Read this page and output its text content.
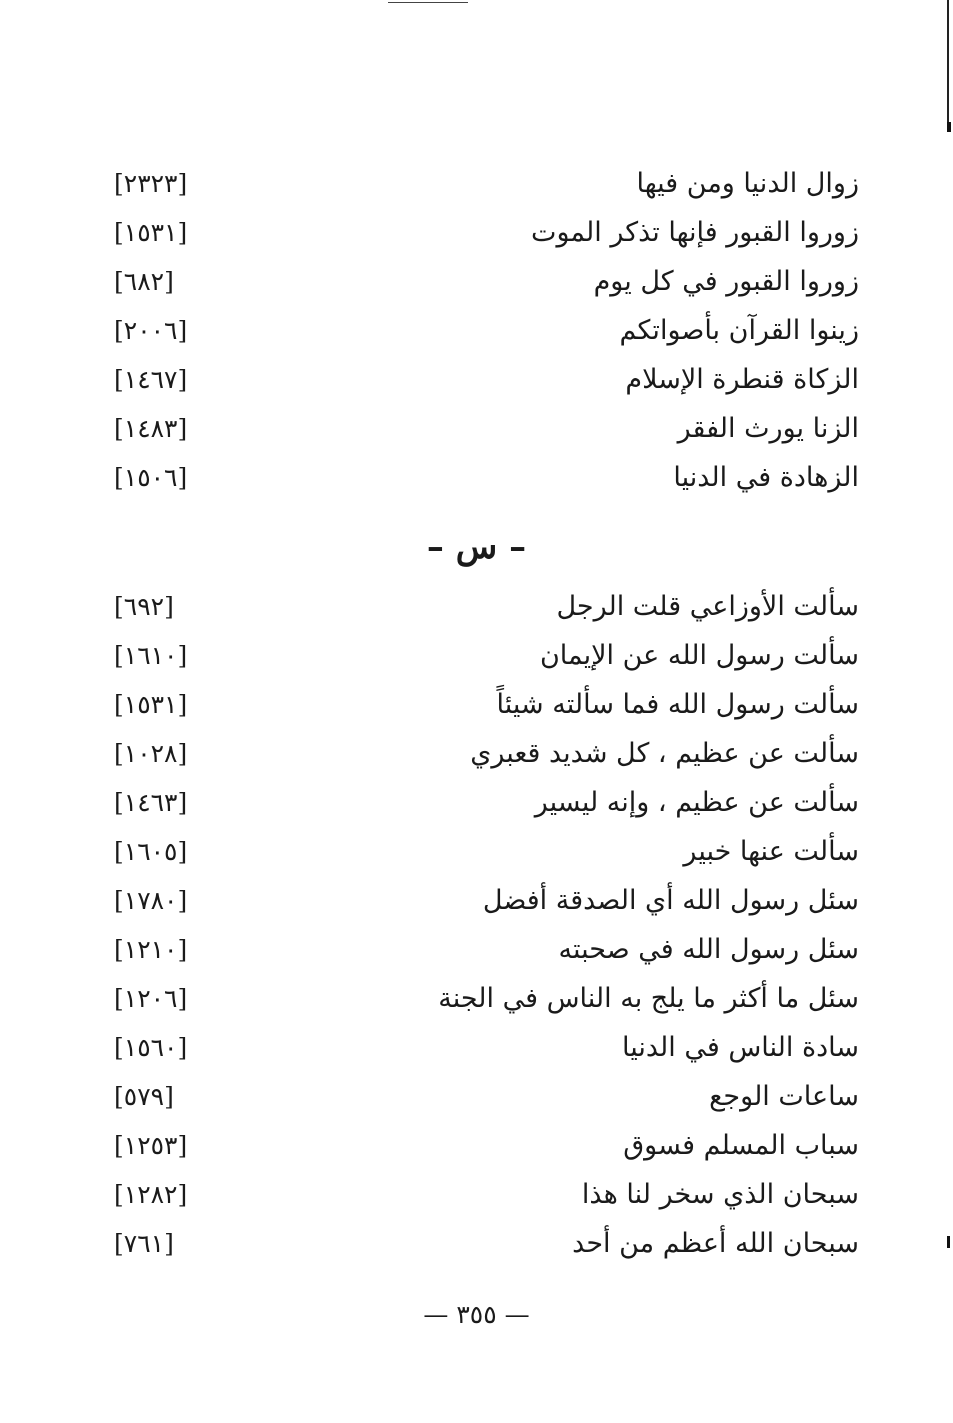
زوال الدنيا ومن فيها
[٢٣٢٣]
زوروا القبور فإنها تذكر الموت
[١٥٣١]
زوروا القبور في كل يوم
[٦٨٢]
زينوا القرآن بأصواتكم
[٢٠٠٦]
الزكاة قنطرة الإسلام
[١٤٦٧]
الزنا يورث الفقر
[١٤٨٣]
الزهادة في الدنيا
[١٥٠٦]
– س –
سألت الأوزاعي قلت الرجل
[٦٩٢]
سألت رسول الله عن الإيمان
[١٦١٠]
سألت رسول الله فما سألته شيئاً
[١٥٣١]
سألت عن عظيم ، كل شديد قعبري
[١٠٢٨]
سألت عن عظيم ، وإنه ليسير
[١٤٦٣]
سألت عنها خبير
[١٦٠٥]
سئل رسول الله أي الصدقة أفضل
[١٧٨٠]
سئل رسول الله في صحبته
[١٢١٠]
سئل ما أكثر ما يلج به الناس في الجنة
[١٢٠٦]
سادة الناس في الدنيا
[١٥٦٠]
ساعات الوجع
[٥٧٩]
سباب المسلم فسوق
[١٢٥٣]
سبحان الذي سخر لنا هذا
[١٢٨٢]
سبحان الله أعظم من أحد
[٧٦١]
— ٣٥٥ —
